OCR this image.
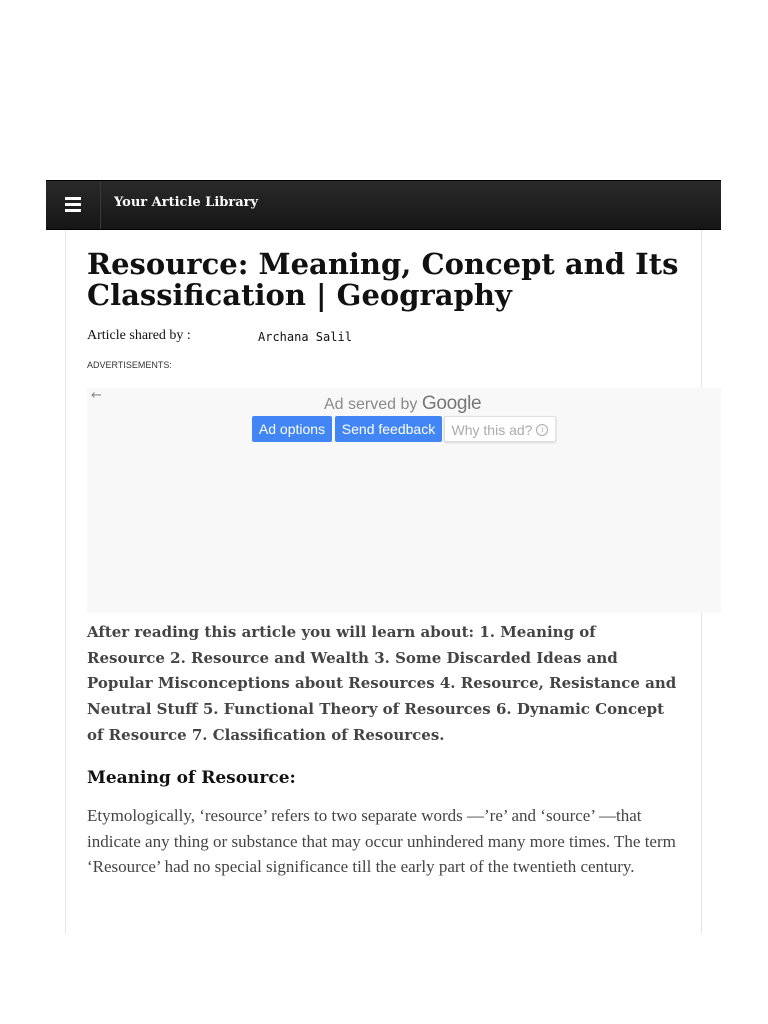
Your Article Library
Resource: Meaning, Concept and Its Classification | Geography
Article shared by :	Archana Salil
ADVERTISEMENTS:
←
Ad served by Google
Ad options	Send feedback	Why this ad? i

After reading this article you will learn about: 1. Meaning of Resource 2. Resource and Wealth 3. Some Discarded Ideas and Popular Misconceptions about Resources 4. Resource, Resistance and Neutral Stuff 5. Functional Theory of Resources 6. Dynamic Concept of Resource 7. Classification of Resources.

Meaning of Resource:

Etymologically, ‘resource’ refers to two separate words —’re’ and ‘source’ —that indicate any thing or substance that may occur unhindered many more times. The term ‘Resource’ had no special significance till the early part of the twentieth century.
